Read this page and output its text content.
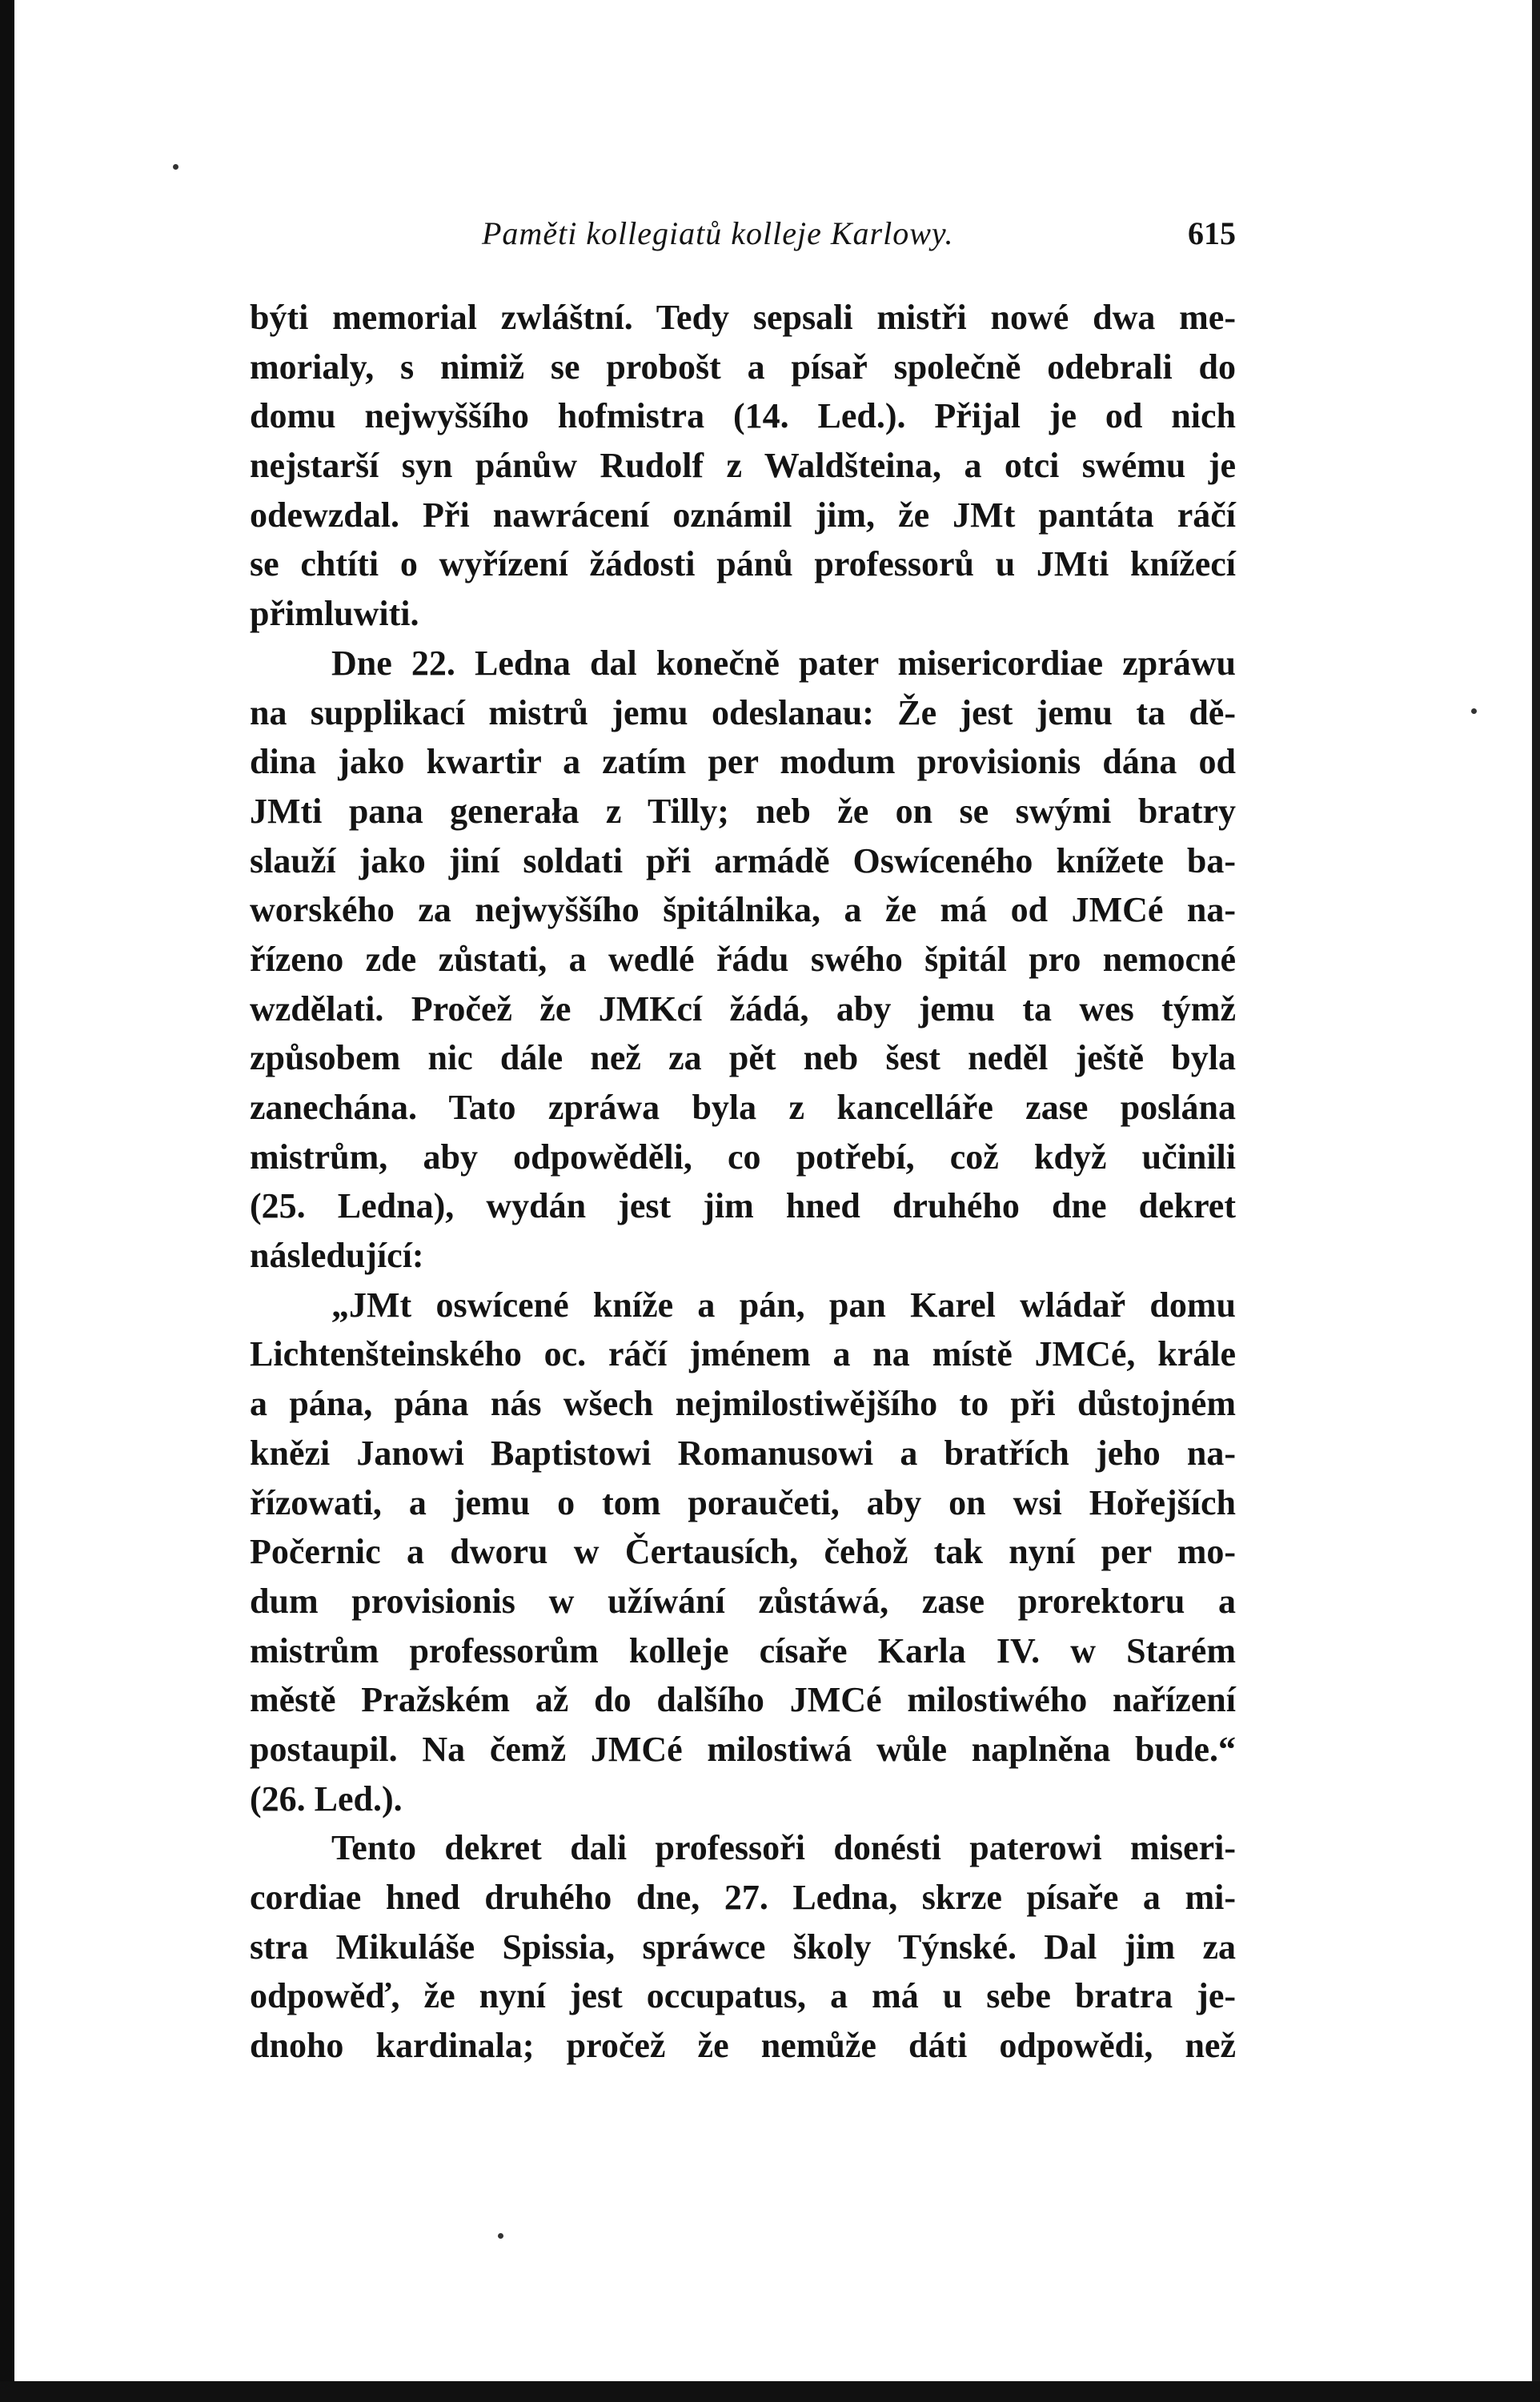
Paměti kollegiatů kolleje Karlowy.	615
býti memorial zwláštní. Tedy sepsali mistři nowé dwa me-
morialy, s nimiž se probošt a písař společně odebrali do
domu nejwyššího hofmistra (14. Led.). Přijal je od nich
nejstarší syn pánůw Rudolf z Waldšteina, a otci swému je
odewzdal. Při nawrácení oznámil jim, že JMt pantáta ráčí
se chtíti o wyřízení žádosti pánů professorů u JMti knížecí
přimluwiti.
Dne 22. Ledna dal konečně pater misericordiae zpráwu
na supplikací mistrů jemu odeslanau: Že jest jemu ta dě-
dina jako kwartir a zatím per modum provisionis dána od
JMti pana generała z Tilly; neb že on se swými bratry
slauží jako jiní soldati při armádě Oswíceného knížete ba-
worského za nejwyššího špitálnika, a že má od JMCé na-
řízeno zde zůstati, a wedlé řádu swého špitál pro nemocné
wzdělati. Pročež že JMKcí žádá, aby jemu ta wes týmž
způsobem nic dále než za pět neb šest neděl ještě byla
zanechána. Tato zpráwa byla z kancelláře zase poslána
mistrům, aby odpowěděli, co potřebí, což když učinili
(25. Ledna), wydán jest jim hned druhého dne dekret
následující:
„JMt oswícené kníže a pán, pan Karel wládař domu
Lichtenšteinského oc. ráčí jménem a na místě JMCé, krále
a pána, pána nás wšech nejmilostiwějšího to při důstojném
knězi Janowi Baptistowi Romanusowi a bratřích jeho na-
řízowati, a jemu o tom poraučeti, aby on wsi Hořejších
Počernic a dworu w Čertausích, čehož tak nyní per mo-
dum provisionis w užíwání zůstáwá, zase prorektoru a
mistrům professorům kolleje císaře Karla IV. w Starém
městě Pražském až do dalšího JMCé milostiwého nařízení
postaupil. Na čemž JMCé milostiwá wůle naplněna bude.“
(26. Led.).
Tento dekret dali professoři donésti paterowi miseri-
cordiae hned druhého dne, 27. Ledna, skrze písaře a mi-
stra Mikuláše Spissia, spráwce školy Týnské. Dal jim za
odpowěď, že nyní jest occupatus, a má u sebe bratra je-
dnoho kardinala; pročež že nemůže dáti odpowědi, než
